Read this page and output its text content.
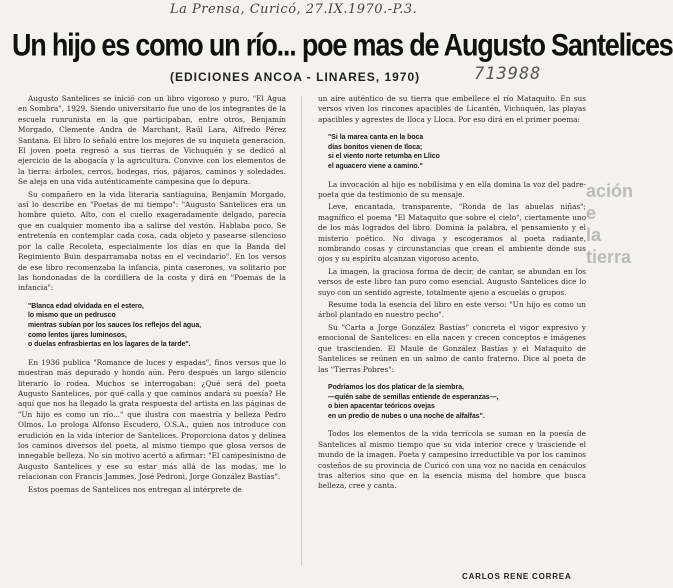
La Prensa, Curicó, 27.IX.1970.-P.3.
713988
Un hijo es como un río... poe mas de Augusto Santelices
(EDICIONES ANCOA - LINARES, 1970)

Augusto Santelices se inició con un libro vigoroso y puro, "El Agua en Sombra", 1929. Siendo universitario fue uno de los integrantes de la escuela runrunista en la que participaban, entre otros, Benjamín Morgado, Clemente Andra de Marchant, Raúl Lara, Alfredo Pérez Santana. El libro lo señaló entre los mejores de su inquieta generación. El joven poeta regresó a sus tierras de Vichuquén y se dedicó al ejercicio de la abogacía y la agricultura. Convive con los elementos de la tierra: árboles, cerros, bodegas, ríos, pájaros, caminos y soledades. Se aleja en una vida auténticamente campesina que lo depura.

Su compañero en la vida literaria santiaguina, Benjamín Morgado, así lo describe en "Poetas de mi tiempo": "Augusto Santelices era un hombre quieto. Alto, con el cuello exageradamente delgado, parecía que en cualquier momento iba a salirse del vestón. Hablaba poco. Se entretenía en contemplar cada cosa, cada objeto y pasearse silencioso por la calle Recoleta, especialmente los días en que la Banda del Regimiento Buin desparramaba notas en el vecindario". En los versos de ese libro recomenzaba la infancia, pinta caserones, va solitario por las hondonadas de la cordillera de la costa y dirá en "Poemas de la infancia":

"Blanca edad olvidada en el estero,
lo mismo que un pedrusco
mientras subían por los sauces los reflejos del agua,
como lentos ijares luminosos,
o duelas enfrasbiertas en los lagares de la tarde".

En 1936 publica "Romance de luces y espadas", finos versos que lo muestran más depurado y hondo aún. Pero después un largo silencio literario lo rodea. Muchos se interrogaban: ¿Qué será del poeta Augusto Santelices, por qué calla y que caminos andará su poesía? He aquí que nos ha llegado la grata respuesta del artista en las páginas de "Un hijo es como un río..." que ilustra con maestría y belleza Pedro Olmos. Lo prologa Alfonso Escudero, O.S.A., quien nos introduce con erudición en la vida interior de Santelices. Proporciona datos y delinea los caminos diversos del poeta, al mismo tiempo que glosa versos de innegable belleza. No sin motivo acertó a afirmar: "El campesinismo de Augusto Santelices y ese su estar más allá de las modas, me lo relacionan con Francis Jammes, José Pedroni, Jorge González Bastías".

Estos poemas de Santelices nos entregan al intérprete de

un aire auténtico de su tierra que embellece el río Mataquito. En sus versos viven los rincones apacibles de Licantén, Vichuquén, las playas apacibles y agrestes de Iloca y Lloca. Por eso dirá en el primer poema:

"Si la marea canta en la boca
días bonitos vienen de Iloca;
si el viento norte retumba en Llico
el aguacero viene a camino."

La invocación al hijo es nobilísima y en ella domina la voz del padre-poeta que da testimonio de su mensaje.

Leve, encantada, transparente, "Ronda de las abuelas niñas"; magnífico el poema "El Mataquito que sobre el cielo", ciertamente uno de los más logrados del libro. Domina la palabra, el pensamiento y el misterio poético. No divaga y escogeramos al poeta radiante, nombrando cosas y circunstancias que crean el ambiente donde sus ojos y su espíritu alcanzan vigoroso acento.

La imagen, la graciosa forma de decir, de cantar, se abundan en los versos de este libro tan puro como esencial. Augusto Santelices dice lo suyo con un sentido agreste, totalmente ajeno a escuelas o grupos.

Resume toda la esencia del libro en este verso: "Un hijo es como un árbol plantado en nuestro pecho".

Su "Carta a Jorge González Bastías" concreta el vigor expresivo y emocional de Santelices: en ella nacen y crecen conceptos e imágenes que trascienden. El Maule de González Bastías y el Mataquito de Santelices se reúnen en un salmo de canto fraterno. Dice al poeta de las "Tierras Pobres":

Podríamos los dos platicar de la siembra,
—quién sabe de semillas entiende de esperanzas—,
o bien apacentar teóricos ovejas
en un predio de nubes o una noche de alfalfas".

Todos los elementos de la vida terrícola se suman en la poesía de Santelices al mismo tiempo que su vida interior crece y trasciende el mundo de la imagen. Poeta y campesino irreductible va por los caminos costeños de su provincia de Curicó con una voz no nacida en cenáculos tras alterios sino que en la esencia misma del hombre que busca belleza, cree y canta.

CARLOS RENE CORREA
ación e la tierra
